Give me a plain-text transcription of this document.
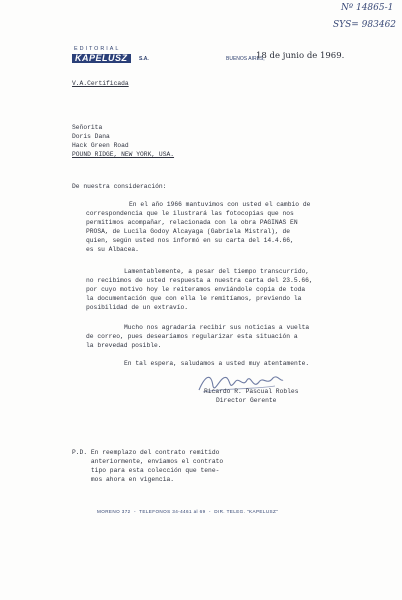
Nº 14865-1
SYS= 983462
EDITORIAL
KAPELUSZ	S.A.	BUENOS AIRES,
18 de junio de 1969.
V.A.Certificada
Señorita
Doris Dana
Hack Green Road
POUND RIDGE, NEW YORK, USA.
De nuestra consideración:
En el año 1966 mantuvimos con usted el cambio de
correspondencia que le ilustrará las fotocopias que nos
permitimos acompañar, relacionada con la obra PAGINAS EN
PROSA, de Lucila Godoy Alcayaga (Gabriela Mistral), de
quien, según usted nos informó en su carta del 14.4.66,
es su Albacea.
Lamentablemente, a pesar del tiempo transcurrido,
no recibimos de usted respuesta a nuestra carta del 23.5.66,
por cuyo motivo hoy le reiteramos enviándole copia de toda
la documentación que con ella le remitíamos, previendo la
posibilidad de un extravío.
Mucho nos agradaría recibir sus noticias a vuelta
de correo, pues desearíamos regularizar esta situación a
la brevedad posible.
En tal espera, saludamos a usted muy atentamente.
Ricardo R. Pascual Robles
Director Gerente
P.D. En reemplazo del contrato remitido
anteriormente, enviamos el contrato
tipo para esta colección que tene-
mos ahora en vigencia.
MORENO 372  -  TELEFONOS 34-4461 al 69  -  DIR. TELEG. "KAPELUSZ"
